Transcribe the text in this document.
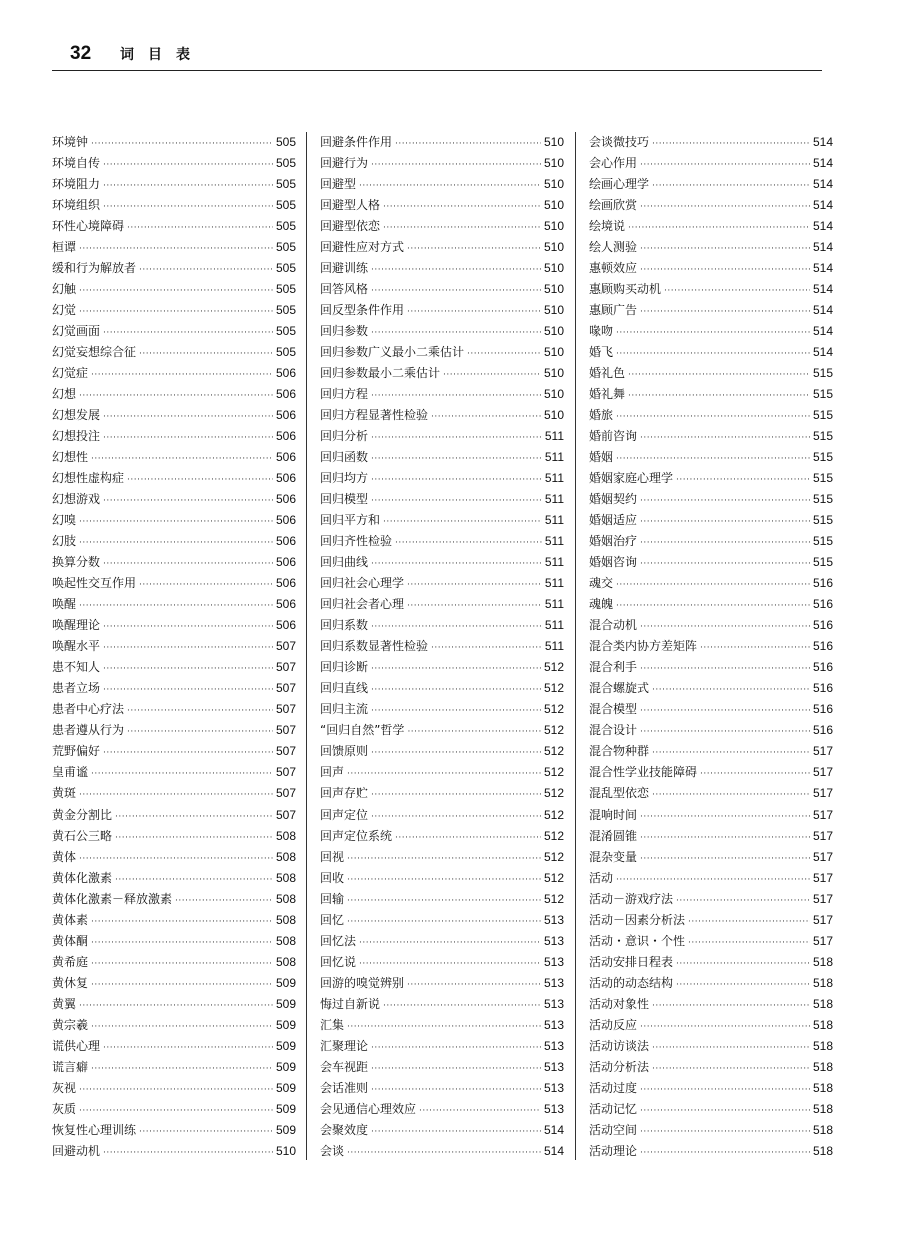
32 词目表
环境钟 ·····	505
环境自传 ·····	505
环境阻力 ·····	505
环境组织 ·····	505
环性心境障碍 ·····	505
桓谭 ·····	505
缓和行为解放者 ·····	505
幻触 ·····	505
幻觉 ·····	505
幻觉画面 ·····	505
幻觉妄想综合征 ·····	505
幻觉症 ·····	506
幻想 ·····	506
幻想发展 ·····	506
幻想投注 ·····	506
幻想性 ·····	506
幻想性虚构症 ·····	506
幻想游戏 ·····	506
幻嗅 ·····	506
幻肢 ·····	506
换算分数 ·····	506
唤起性交互作用 ·····	506
唤醒 ·····	506
唤醒理论 ·····	506
唤醒水平 ·····	507
患不知人 ·····	507
患者立场 ·····	507
患者中心疗法 ·····	507
患者遵从行为 ·····	507
荒野偏好 ·····	507
皇甫谧 ·····	507
黄斑 ·····	507
黄金分割比 ·····	507
黄石公三略 ·····	508
黄体 ·····	508
黄体化激素 ·····	508
黄体化激素－释放激素 ·····	508
黄体素 ·····	508
黄体酮 ·····	508
黄希庭 ·····	508
黄休复 ·····	509
黄翼 ·····	509
黄宗羲 ·····	509
谎供心理 ·····	509
谎言癖 ·····	509
灰视 ·····	509
灰质 ·····	509
恢复性心理训练 ·····	509
回避动机 ·····	510
回避条件作用 ·····	510
回避行为 ·····	510
回避型 ·····	510
回避型人格 ·····	510
回避型依恋 ·····	510
回避性应对方式 ·····	510
回避训练 ·····	510
回答风格 ·····	510
回反型条件作用 ·····	510
回归参数 ·····	510
回归参数广义最小二乘估计 ·····	510
回归参数最小二乘估计 ·····	510
回归方程 ·····	510
回归方程显著性检验 ·····	510
回归分析 ·····	511
回归函数 ·····	511
回归均方 ·····	511
回归模型 ·····	511
回归平方和 ·····	511
回归齐性检验 ·····	511
回归曲线 ·····	511
回归社会心理学 ·····	511
回归社会者心理 ·····	511
回归系数 ·····	511
回归系数显著性检验 ·····	511
回归诊断 ·····	512
回归直线 ·····	512
回归主流 ·····	512
“回归自然”哲学 ·····	512
回馈原则 ·····	512
回声 ·····	512
回声存贮 ·····	512
回声定位 ·····	512
回声定位系统 ·····	512
回视 ·····	512
回收 ·····	512
回输 ·····	512
回忆 ·····	513
回忆法 ·····	513
回忆说 ·····	513
回游的嗅觉辨别 ·····	513
悔过自新说 ·····	513
汇集 ·····	513
汇聚理论 ·····	513
会车视距 ·····	513
会话准则 ·····	513
会见通信心理效应 ·····	513
会聚效度 ·····	514
会谈 ·····	514
会谈微技巧 ·····	514
会心作用 ·····	514
绘画心理学 ·····	514
绘画欣赏 ·····	514
绘境说 ·····	514
绘人测验 ·····	514
惠顿效应 ·····	514
惠顾购买动机 ·····	514
惠顾广告 ·····	514
喙吻 ·····	514
婚飞 ·····	514
婚礼色 ·····	515
婚礼舞 ·····	515
婚旅 ·····	515
婚前咨询 ·····	515
婚姻 ·····	515
婚姻家庭心理学 ·····	515
婚姻契约 ·····	515
婚姻适应 ·····	515
婚姻治疗 ·····	515
婚姻咨询 ·····	515
魂交 ·····	516
魂魄 ·····	516
混合动机 ·····	516
混合类内协方差矩阵 ·····	516
混合利手 ·····	516
混合螺旋式 ·····	516
混合模型 ·····	516
混合设计 ·····	516
混合物种群 ·····	517
混合性学业技能障碍 ·····	517
混乱型依恋 ·····	517
混响时间 ·····	517
混淆圆锥 ·····	517
混杂变量 ·····	517
活动 ·····	517
活动－游戏疗法 ·····	517
活动－因素分析法 ·····	517
活动・意识・个性 ·····	517
活动安排日程表 ·····	518
活动的动态结构 ·····	518
活动对象性 ·····	518
活动反应 ·····	518
活动访谈法 ·····	518
活动分析法 ·····	518
活动过度 ·····	518
活动记忆 ·····	518
活动空间 ·····	518
活动理论 ·····	518
